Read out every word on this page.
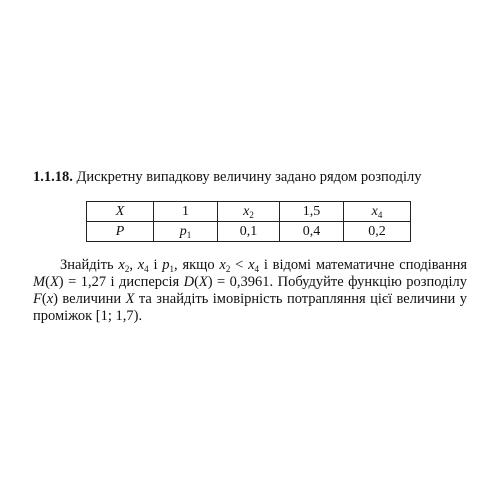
1.1.18. Дискретну випадкову величину задано рядом розподілу

X	1	$x_2$	1,5	$x_4$
P	$p_1$	0,1	0,4	0,2

Знайдіть $x_2$, $x_4$ і $p_1$, якщо $x_2 < x_4$ і відомі математичне сподівання M(X) = 1,27 і дисперсія D(X) = 0,3961. Побудуйте функцію розподілу F(x) величини X та знайдіть імовірність потрапляння цієї величини у проміжок [1; 1,7).
